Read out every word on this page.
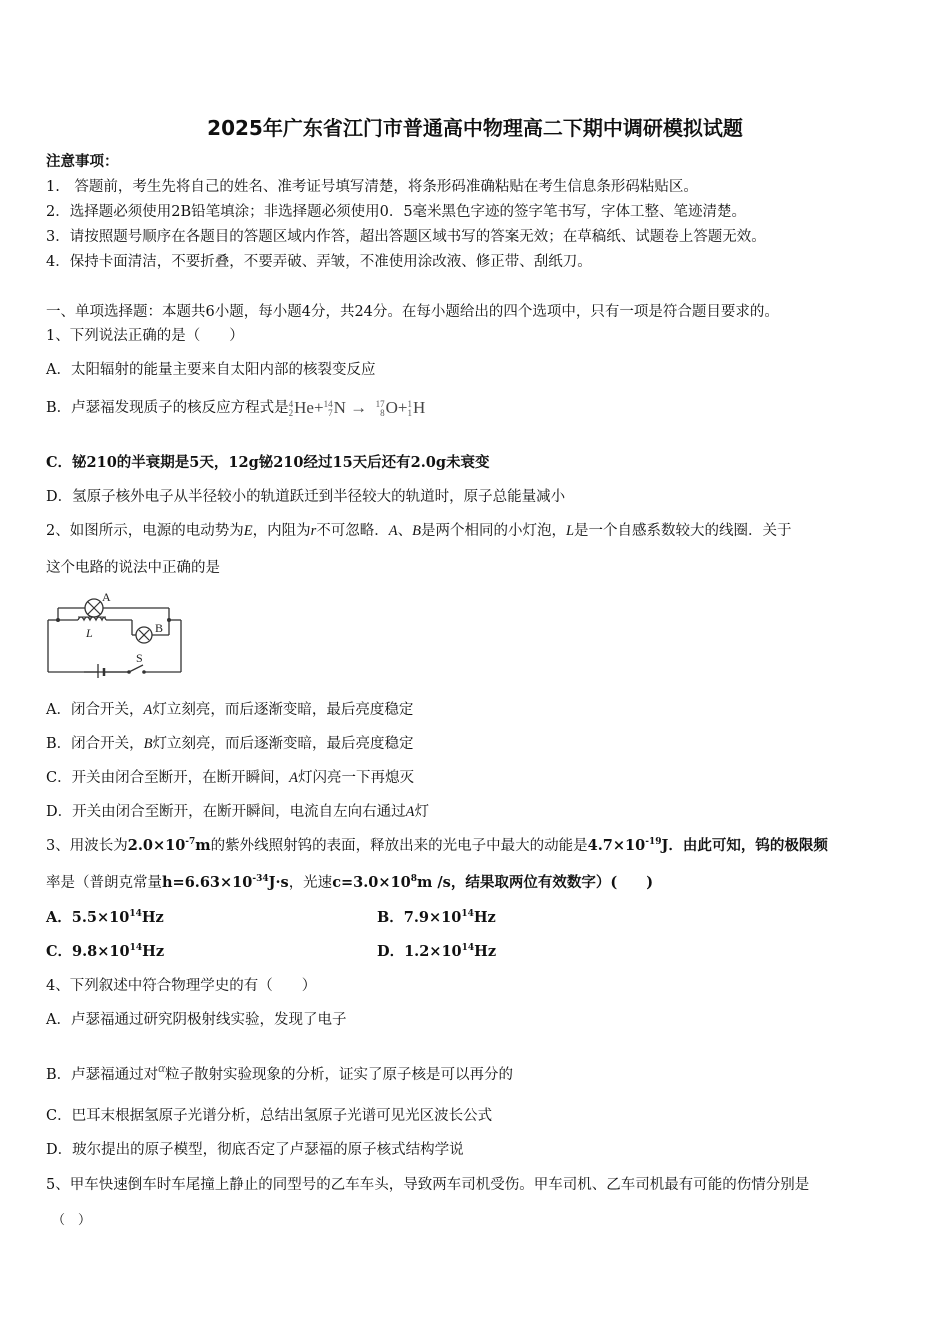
2025年广东省江门市普通高中物理高二下期中调研模拟试题
注意事项：
1.　答题前，考生先将自己的姓名、准考证号填写清楚，将条形码准确粘贴在考生信息条形码粘贴区。
2．选择题必须使用2B铅笔填涂；非选择题必须使用0．5毫米黑色字迹的签字笔书写，字体工整、笔迹清楚。
3．请按照题号顺序在各题目的答题区域内作答，超出答题区域书写的答案无效；在草稿纸、试题卷上答题无效。
4．保持卡面清洁，不要折叠，不要弄破、弄皱，不准使用涂改液、修正带、刮纸刀。
一、单项选择题：本题共6小题，每小题4分，共24分。在每小题给出的四个选项中，只有一项是符合题目要求的。
1、下列说法正确的是（　　）
A．太阳辐射的能量主要来自太阳内部的核裂变反应
B．卢瑟福发现质子的核反应方程式是 4
2 He+ 14
7 N → 17
8 O+ 1
1 H
C．铋210的半衰期是5天，12g铋210经过15天后还有2.0g未衰变
D．氢原子核外电子从半径较小的轨道跃迁到半径较大的轨道时，原子总能量减小
2、如图所示，电源的电动势为E，内阻为r不可忽略．A、B是两个相同的小灯泡，L是一个自感系数较大的线圈．关于
这个电路的说法中正确的是
A
B
L
S
A．闭合开关，A灯立刻亮，而后逐渐变暗，最后亮度稳定
B．闭合开关，B灯立刻亮，而后逐渐变暗，最后亮度稳定
C．开关由闭合至断开，在断开瞬间，A灯闪亮一下再熄灭
D．开关由闭合至断开，在断开瞬间，电流自左向右通过A灯
3、用波长为$2.0\times 10^{-7}m$的紫外线照射钨的表面，释放出来的光电子中最大的动能是$4.7\times 10^{-19}J$．由此可知，钨的极限频
率是（普朗克常量$h=6.63\times 10^{-34}J\cdot s$，光速$c=3.0\times 10^8m$ /s，结果取两位有效数字）(　　)
A．$5.5\times 10^{14}Hz$	B．$7.9\times 10^{14}Hz$
C．$9.8\times 10^{14}Hz$	D．$1.2\times 10^{14}Hz$
4、下列叙述中符合物理学史的有（　　）
A．卢瑟福通过研究阴极射线实验，发现了电子
B．卢瑟福通过对α粒子散射实验现象的分析，证实了原子核是可以再分的
C．巴耳末根据氢原子光谱分析，总结出氢原子光谱可见光区波长公式
D．玻尔提出的原子模型，彻底否定了卢瑟福的原子核式结构学说
5、甲车快速倒车时车尾撞上静止的同型号的乙车车头，导致两车司机受伤。甲车司机、乙车司机最有可能的伤情分别是
（　）
